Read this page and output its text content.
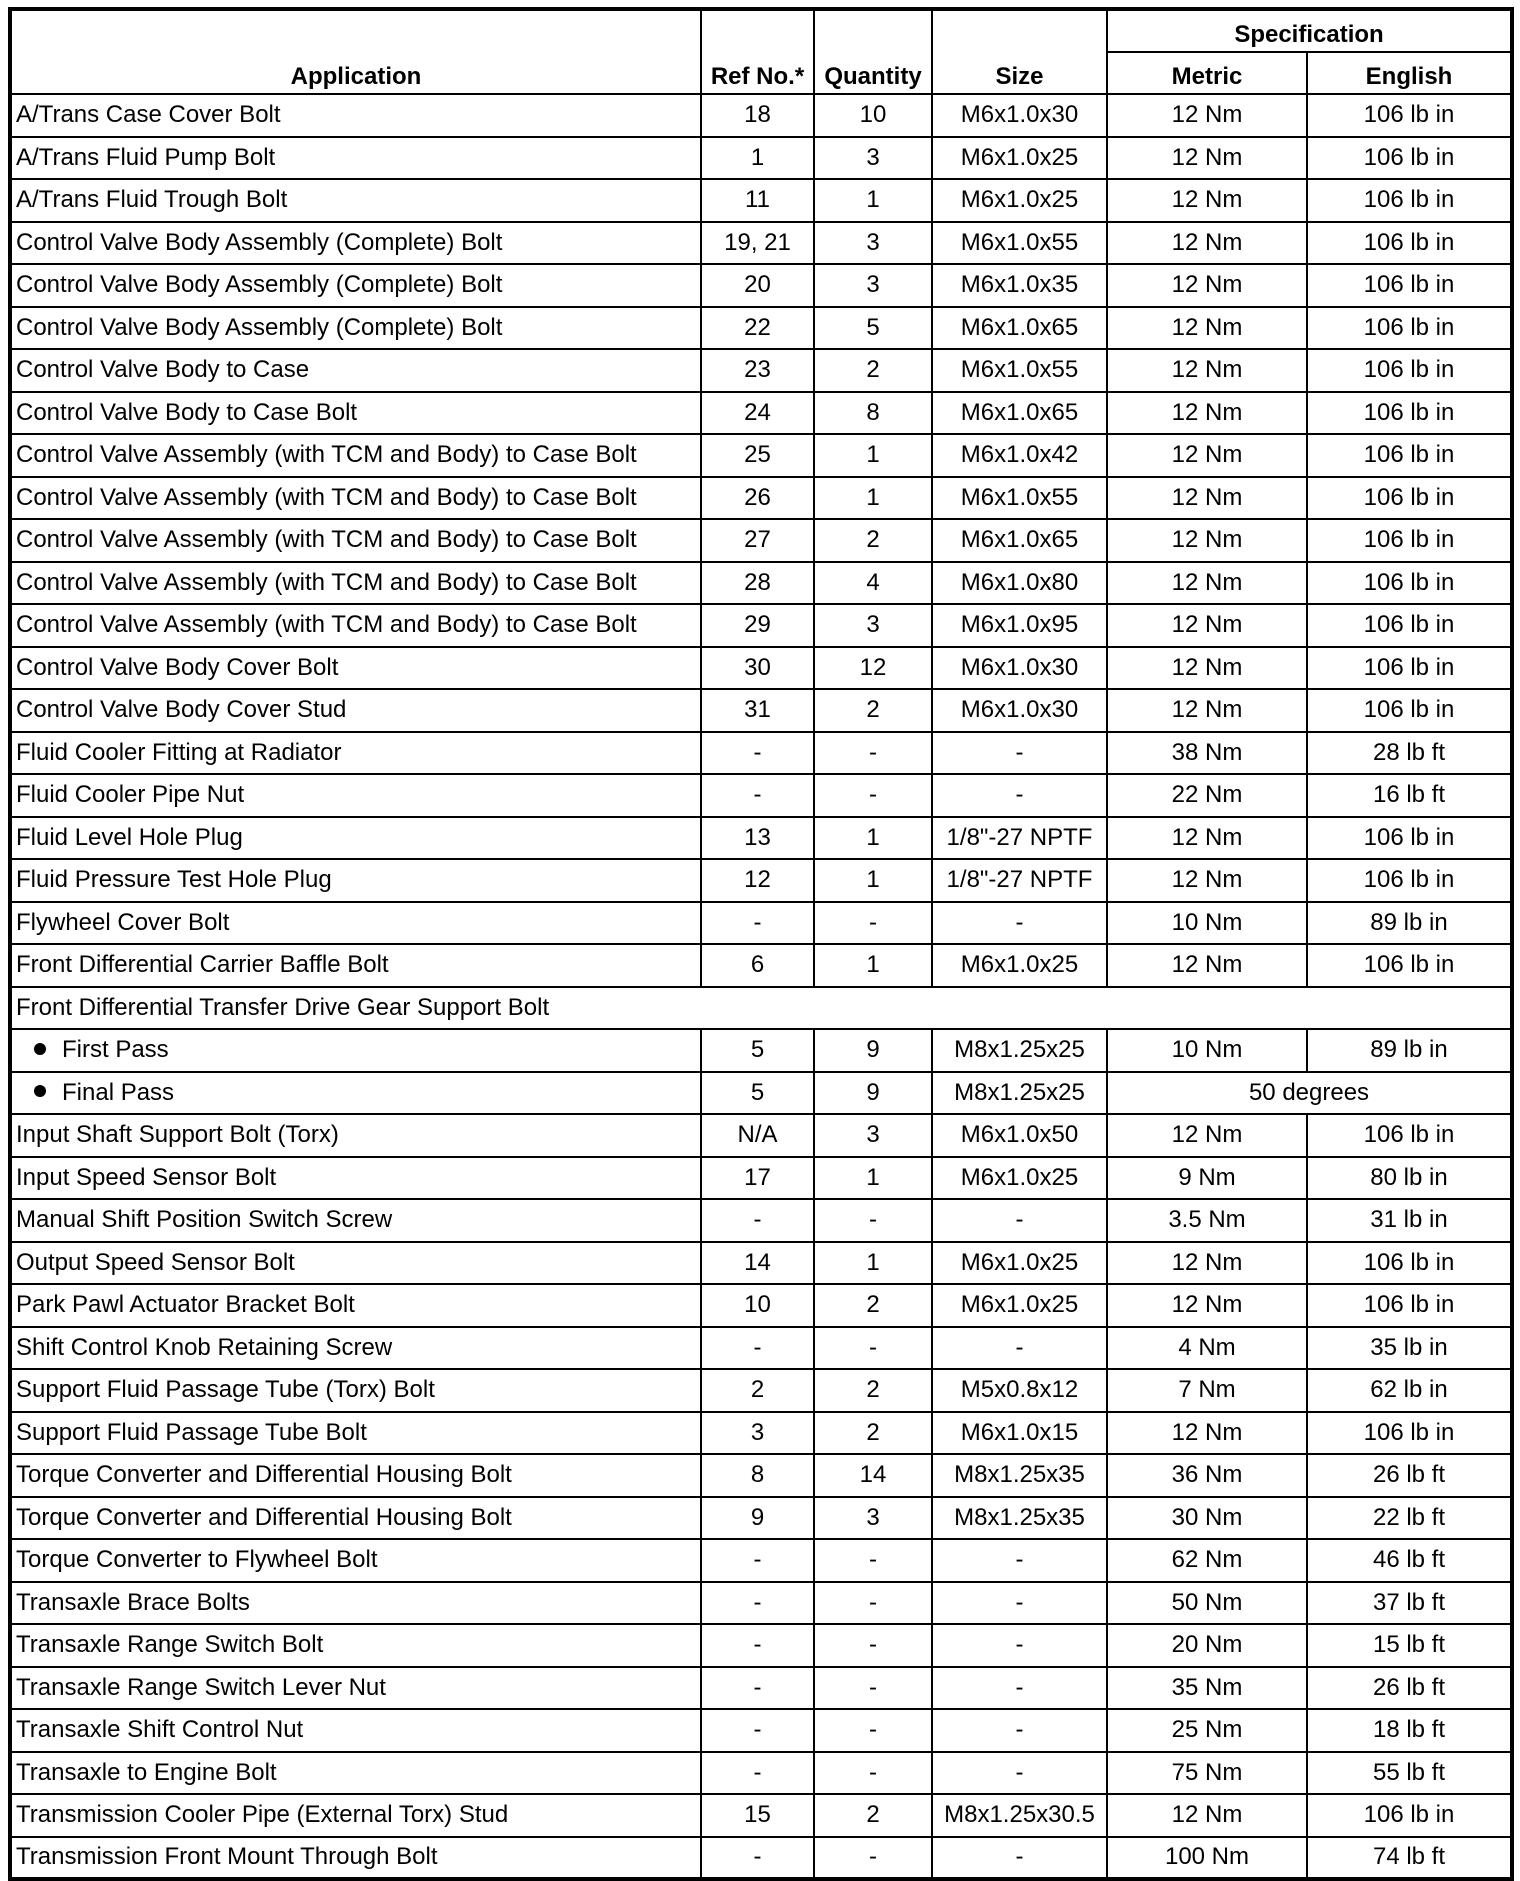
Application	Ref No.*	Quantity	Size	Specification	
				Metric	English
A/Trans Case Cover Bolt	18	10	M6x1.0x30	12 Nm	106 lb in
A/Trans Fluid Pump Bolt	1	3	M6x1.0x25	12 Nm	106 lb in
A/Trans Fluid Trough Bolt	11	1	M6x1.0x25	12 Nm	106 lb in
Control Valve Body Assembly (Complete) Bolt	19, 21	3	M6x1.0x55	12 Nm	106 lb in
Control Valve Body Assembly (Complete) Bolt	20	3	M6x1.0x35	12 Nm	106 lb in
Control Valve Body Assembly (Complete) Bolt	22	5	M6x1.0x65	12 Nm	106 lb in
Control Valve Body to Case	23	2	M6x1.0x55	12 Nm	106 lb in
Control Valve Body to Case Bolt	24	8	M6x1.0x65	12 Nm	106 lb in
Control Valve Assembly (with TCM and Body) to Case Bolt	25	1	M6x1.0x42	12 Nm	106 lb in
Control Valve Assembly (with TCM and Body) to Case Bolt	26	1	M6x1.0x55	12 Nm	106 lb in
Control Valve Assembly (with TCM and Body) to Case Bolt	27	2	M6x1.0x65	12 Nm	106 lb in
Control Valve Assembly (with TCM and Body) to Case Bolt	28	4	M6x1.0x80	12 Nm	106 lb in
Control Valve Assembly (with TCM and Body) to Case Bolt	29	3	M6x1.0x95	12 Nm	106 lb in
Control Valve Body Cover Bolt	30	12	M6x1.0x30	12 Nm	106 lb in
Control Valve Body Cover Stud	31	2	M6x1.0x30	12 Nm	106 lb in
Fluid Cooler Fitting at Radiator	-	-	-	38 Nm	28 lb ft
Fluid Cooler Pipe Nut	-	-	-	22 Nm	16 lb ft
Fluid Level Hole Plug	13	1	1/8"-27 NPTF	12 Nm	106 lb in
Fluid Pressure Test Hole Plug	12	1	1/8"-27 NPTF	12 Nm	106 lb in
Flywheel Cover Bolt	-	-	-	10 Nm	89 lb in
Front Differential Carrier Baffle Bolt	6	1	M6x1.0x25	12 Nm	106 lb in
Front Differential Transfer Drive Gear Support Bolt					
First Pass	5	9	M8x1.25x25	10 Nm	89 lb in
Final Pass	5	9	M8x1.25x25	50 degrees	
Input Shaft Support Bolt (Torx)	N/A	3	M6x1.0x50	12 Nm	106 lb in
Input Speed Sensor Bolt	17	1	M6x1.0x25	9 Nm	80 lb in
Manual Shift Position Switch Screw	-	-	-	3.5 Nm	31 lb in
Output Speed Sensor Bolt	14	1	M6x1.0x25	12 Nm	106 lb in
Park Pawl Actuator Bracket Bolt	10	2	M6x1.0x25	12 Nm	106 lb in
Shift Control Knob Retaining Screw	-	-	-	4 Nm	35 lb in
Support Fluid Passage Tube (Torx) Bolt	2	2	M5x0.8x12	7 Nm	62 lb in
Support Fluid Passage Tube Bolt	3	2	M6x1.0x15	12 Nm	106 lb in
Torque Converter and Differential Housing Bolt	8	14	M8x1.25x35	36 Nm	26 lb ft
Torque Converter and Differential Housing Bolt	9	3	M8x1.25x35	30 Nm	22 lb ft
Torque Converter to Flywheel Bolt	-	-	-	62 Nm	46 lb ft
Transaxle Brace Bolts	-	-	-	50 Nm	37 lb ft
Transaxle Range Switch Bolt	-	-	-	20 Nm	15 lb ft
Transaxle Range Switch Lever Nut	-	-	-	35 Nm	26 lb ft
Transaxle Shift Control Nut	-	-	-	25 Nm	18 lb ft
Transaxle to Engine Bolt	-	-	-	75 Nm	55 lb ft
Transmission Cooler Pipe (External Torx) Stud	15	2	M8x1.25x30.5	12 Nm	106 lb in
Transmission Front Mount Through Bolt	-	-	-	100 Nm	74 lb ft
